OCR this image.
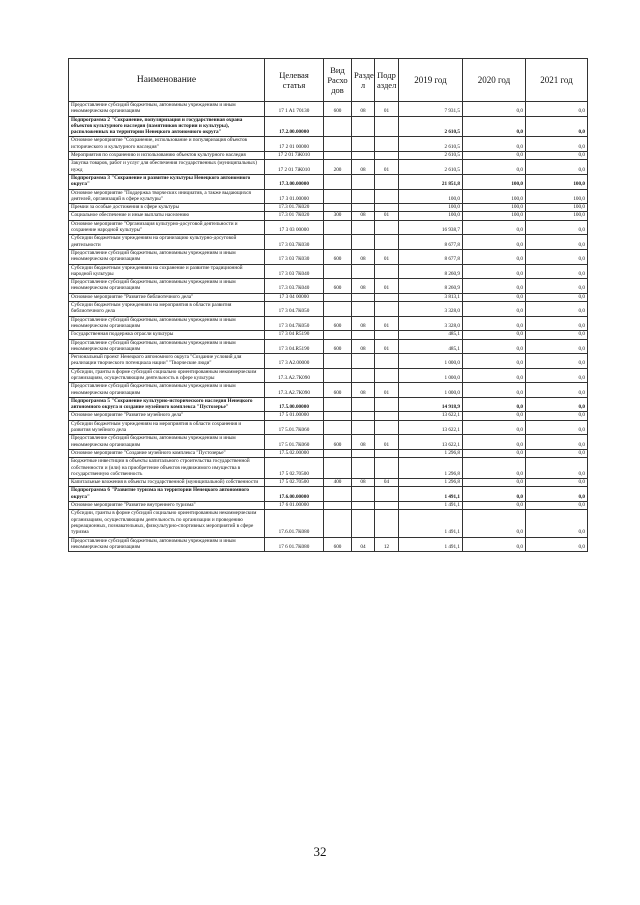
Наименование	Целевая статья	Вид Расхо дов	Разде л	Подр аздел	2019 год	2020 год	2021 год
Предоставление субсидий бюджетным, автономным учреждениям и иным некоммерческим организациям	17 1 A1 70130	600	08	01	7 931,5	0,0	0,0
Подпрограмма 2 "Сохранение, популяризация и государственная охрана объектов культурного наследия (памятников истории и культуры), расположенных на территории Ненецкого автономного округа"	17.2.00.00000				2 610,5	0,0	0,0
Основное мероприятие "Сохранение, использование и популяризация объектов исторического и культурного наследия"	17 2 01 00000				2 610,5	0,0	0,0
Мероприятия по сохранению и использованию объектов культурного наследия	17 2 01 7Ж010				2 610,5	0,0	0,0
Закупка товаров, работ и услуг для обеспечения государственных (муниципальных) нужд	17 2 01 7Ж010	200	08	01	2 610,5	0,0	0,0
Подпрограмма 3 "Сохранение и развитие культуры Ненецкого автономного округа"	17.3.00.00000				21 851,8	100,0	100,0
Основное мероприятие "Поддержка творческих инициатив, а также выдающихся деятелей, организаций в сфере культуры"	17 3 01.00000				100,0	100,0	100,0
Премии за особые достижения в сфере культуры	17.3 01.7К020				100,0	100,0	100,0
Социальное обеспечение и иные выплаты населению	17.3 01 7К020	300	08	01	100,0	100,0	100,0
Основное мероприятие "Организация культурно-досуговой деятельности и сохранение народной культуры"	17 3 03 00000				16 938,7	0,0	0,0
Субсидии бюджетным учреждениям на организацию культурно-досуговой деятельности	17 3 03.7К030				8 677,8	0,0	0,0
Предоставление субсидий бюджетным, автономным учреждениям и иным некоммерческим организациям	17 3 03 7К030	600	08	01	8 677,8	0,0	0,0
Субсидии бюджетным учреждениям на сохранение и развитие традиционной народной культуры	17 3 03 7К040				8 260,9	0,0	0,0
Предоставление субсидий бюджетным, автономным учреждениям и иным некоммерческим организациям	17.3 03.7К040	600	08	01	8 260,9	0,0	0,0
Основное мероприятие "Развитие библиотечного дела"	17 3 04 00000				3 813,1	0,0	0,0
Субсидии бюджетным учреждениям на мероприятия в области развития библиотечного дела	17 3 04.7К050				3 328,0	0,0	0,0
Предоставление субсидий бюджетным, автономным учреждениям и иным некоммерческим организациям	17 3 04.7К050	600	08	01	3 328,0	0,0	0,0
Государственная поддержка отрасли культуры	17 3 04 R5190				485,1	0,0	0,0
Предоставление субсидий бюджетным, автономным учреждениям и иным некоммерческим организациям	17 3 04.R5190	600	08	01	485,1	0,0	0,0
Региональный проект Ненецкого автономного округа "Создание условий для реализации творческого потенциала нации" "Творческие люди"	17 3 A2.00000				1 000,0	0,0	0,0
Субсидии, гранты в форме субсидий социально ориентированным некоммерческим организациям, осуществляющим деятельность в сфере культуры	17.3.A2.7К090				1 000,0	0,0	0,0
Предоставление субсидий бюджетным, автономным учреждениям и иным некоммерческим организациям	17.3.A2.7К090	600	08	01	1 000,0	0,0	0,0
Подпрограмма 5 "Сохранение культурно-исторического наследия Ненецкого автономного округа и создание музейного комплекса "Пустозерье"	17.5.00.00000				14 918,9	0,0	0,0
Основное мероприятие "Развитие музейного дела"	17 5 01.00000				13 622,1	0,0	0,0
Субсидии бюджетным учреждениям на мероприятия в области сохранения и развития музейного дела	17 5.01.7К060				13 622,1	0,0	0,0
Предоставление субсидий бюджетным, автономным учреждениям и иным некоммерческим организациям	17 5 01.7К060	600	08	01	13 622,1	0,0	0,0
Основное мероприятие "Создание музейного комплекса "Пустозерье"	17.5.02.00000				1 296,8	0,0	0,0
Бюджетные инвестиции в объекты капитального строительства государственной собственности и (или) на приобретение объектов недвижимого имущества в государственную собственность	17 5 02.70500				1 296,8	0,0	0,0
Капитальные вложения в объекты государственной (муниципальной) собственности	17 5 02.70500	400	08	04	1 296,8	0,0	0,0
Подпрограмма 6 "Развитие туризма на территории Ненецкого автономного округа"	17.6.00.00000				1 491,1	0,0	0,0
Основное мероприятие "Развитие внутреннего туризма"	17 6 01.00000				1 491,1	0,0	0,0
Субсидии, гранты в форме субсидий социально ориентированным некоммерческим организациям, осуществляющим деятельность по организации и проведению рекреационных, познавательных, физкультурно-спортивных мероприятий в сфере туризма	17.6.01.7К080				1 491,1	0,0	0,0
Предоставление субсидий бюджетным, автономным учреждениям и иным некоммерческим организациям	17 6 01.7К080	600	04	12	1 491,1	0,0	0,0
32
